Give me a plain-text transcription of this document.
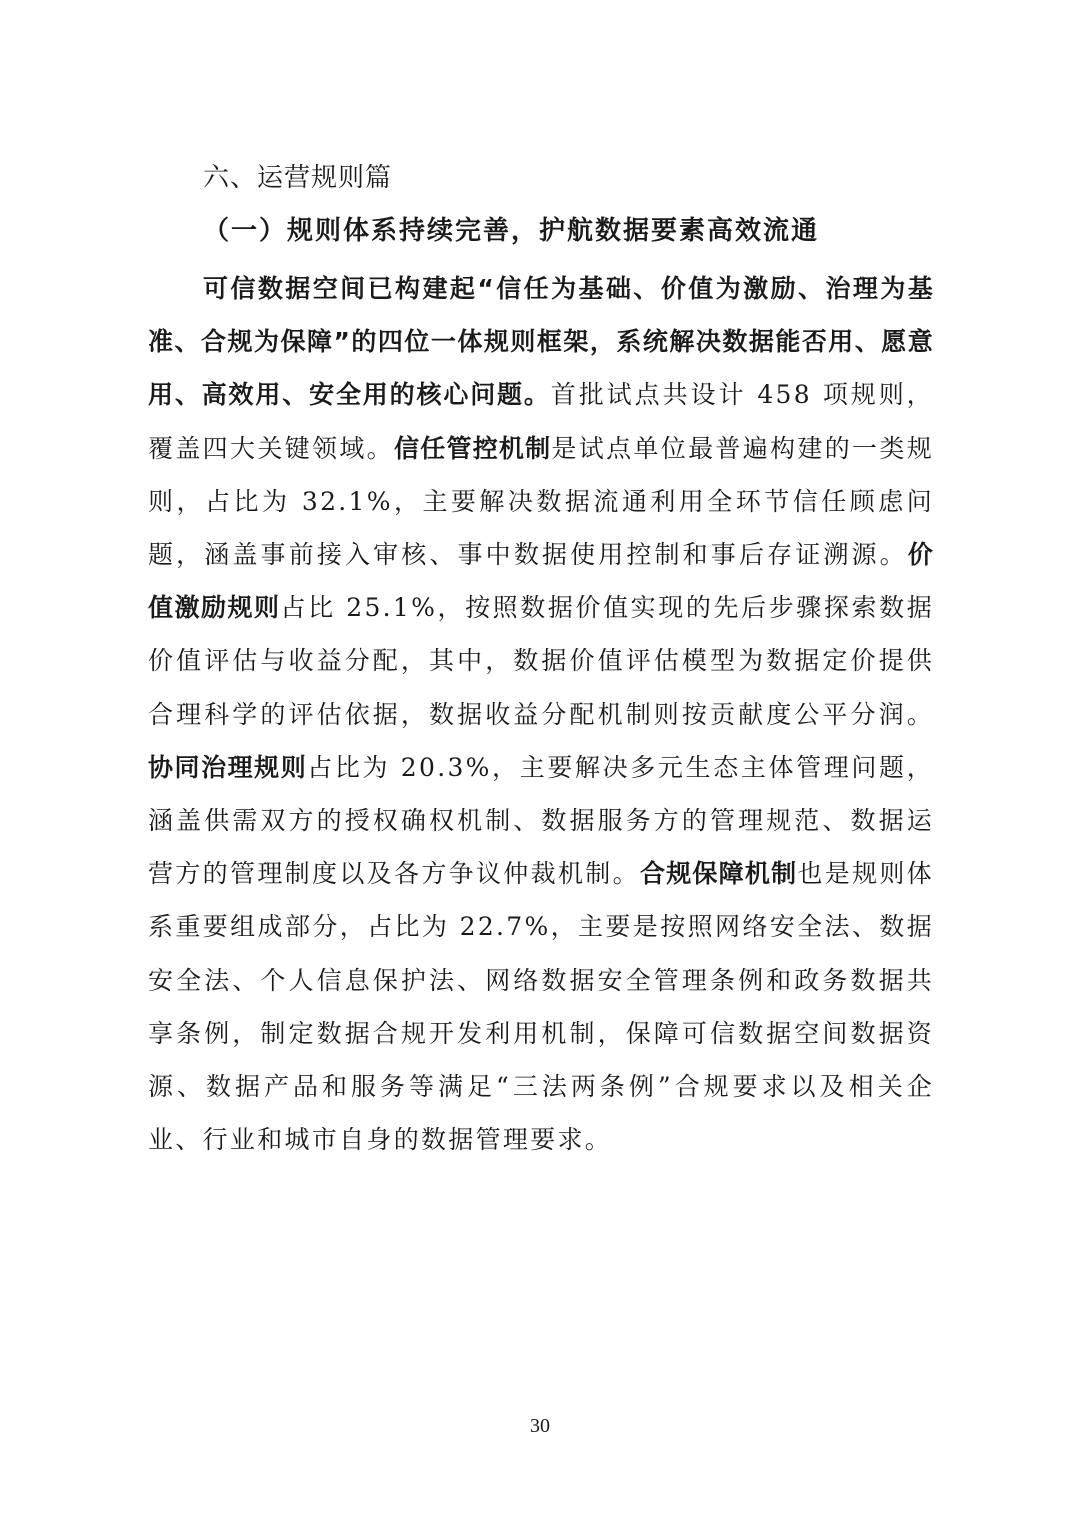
六、运营规则篇
（一）规则体系持续完善，护航数据要素高效流通

可信数据空间已构建起“信任为基础、价值为激励、治理为基准、合规为保障”的四位一体规则框架，系统解决数据能否用、愿意用、高效用、安全用的核心问题。首批试点共设计 458 项规则，覆盖四大关键领域。信任管控机制是试点单位最普遍构建的一类规则，占比为 32.1%，主要解决数据流通利用全环节信任顾虑问题，涵盖事前接入审核、事中数据使用控制和事后存证溯源。价值激励规则占比 25.1%，按照数据价值实现的先后步骤探索数据价值评估与收益分配，其中，数据价值评估模型为数据定价提供合理科学的评估依据，数据收益分配机制则按贡献度公平分润。协同治理规则占比为 20.3%，主要解决多元生态主体管理问题，涵盖供需双方的授权确权机制、数据服务方的管理规范、数据运营方的管理制度以及各方争议仲裁机制。合规保障机制也是规则体系重要组成部分，占比为 22.7%，主要是按照网络安全法、数据安全法、个人信息保护法、网络数据安全管理条例和政务数据共享条例，制定数据合规开发利用机制，保障可信数据空间数据资源、数据产品和服务等满足“三法两条例”合规要求以及相关企业、行业和城市自身的数据管理要求。

30
